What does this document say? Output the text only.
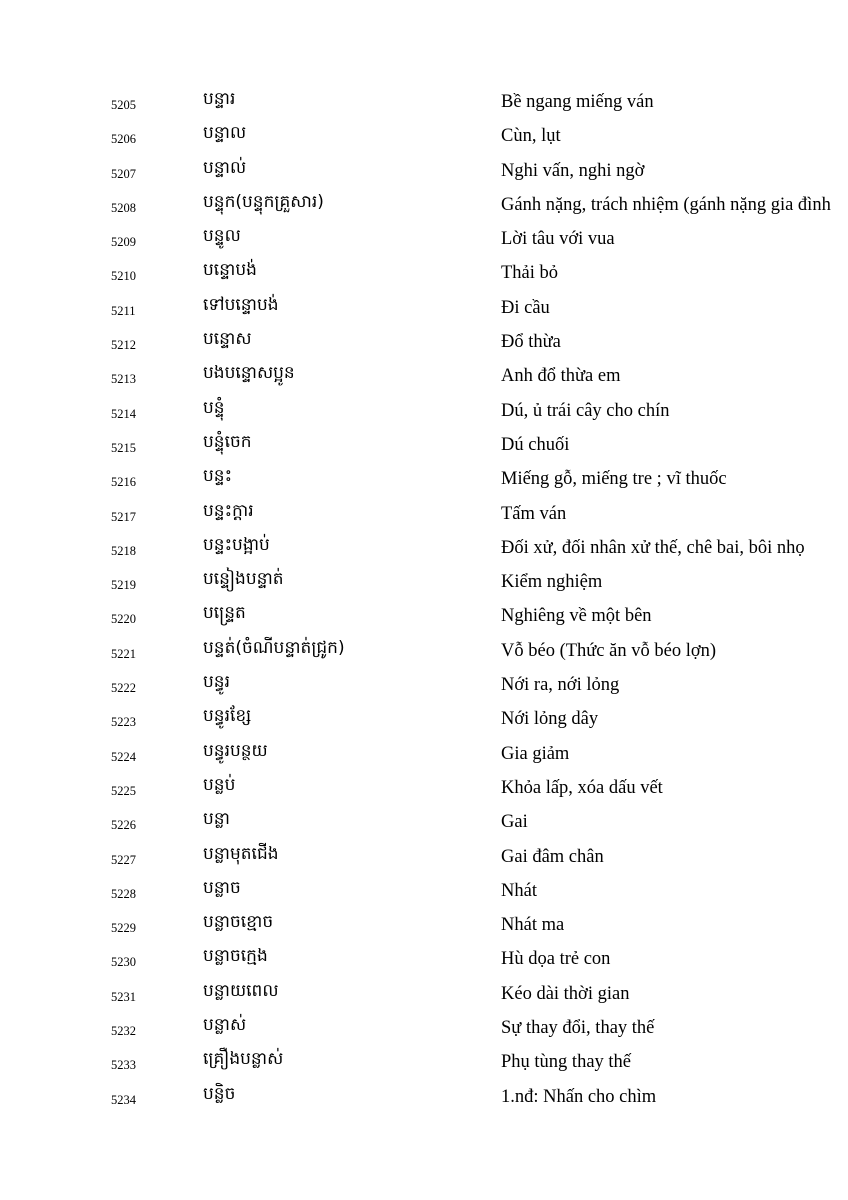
5205	បន្ទារ	Bề ngang miếng ván
5206	បន្ទាល	Cùn, lụt
5207	បន្ទាល់	Nghi vấn, nghi ngờ
5208	បន្ទុក(បន្ទុកគ្រួសារ)	Gánh nặng, trách nhiệm (gánh nặng gia đình
5209	បន្ទូល	Lời tâu với vua
5210	បន្ទោបង់	Thải bỏ
5211	ទៅបន្ទោបង់	Đi cầu
5212	បន្ទោស	Đổ thừa
5213	បងបន្ទោសប្អូន	Anh đổ thừa em
5214	បន្ទុំ	Dú, ủ trái cây cho chín
5215	បន្ទុំចេក	Dú chuối
5216	បន្ទះ	Miếng gỗ, miếng tre ; vĩ thuốc
5217	បន្ទះក្ដារ	Tấm ván
5218	បន្ទះបង្អាប់	Đối xử, đối nhân xử thế, chê bai, bôi nhọ
5219	បន្ទៀងបន្ទាត់	Kiểm nghiệm
5220	បន្ទ្រេត	Nghiêng về một bên
5221	បន្ទត់(ចំណីបន្ទាត់ជ្រូក)	Vỗ béo (Thức ăn vỗ béo lợn)
5222	បន្ធូរ	Nới ra, nới lỏng
5223	បន្ធូរខ្សែ	Nới lỏng dây
5224	បន្ធូរបន្ថយ	Gia giảm
5225	បន្លប់	Khỏa lấp, xóa dấu vết
5226	បន្លា	Gai
5227	បន្លាមុតជើង	Gai đâm chân
5228	បន្លាច	Nhát
5229	បន្លាចខ្មោច	Nhát ma
5230	បន្លាចក្មេង	Hù dọa trẻ con
5231	បន្លាយពេល	Kéo dài thời gian
5232	បន្លាស់	Sự thay đổi, thay thế
5233	គ្រឿងបន្លាស់	Phụ tùng thay thế
5234	បន្លិច	1.nđ: Nhấn cho chìm
